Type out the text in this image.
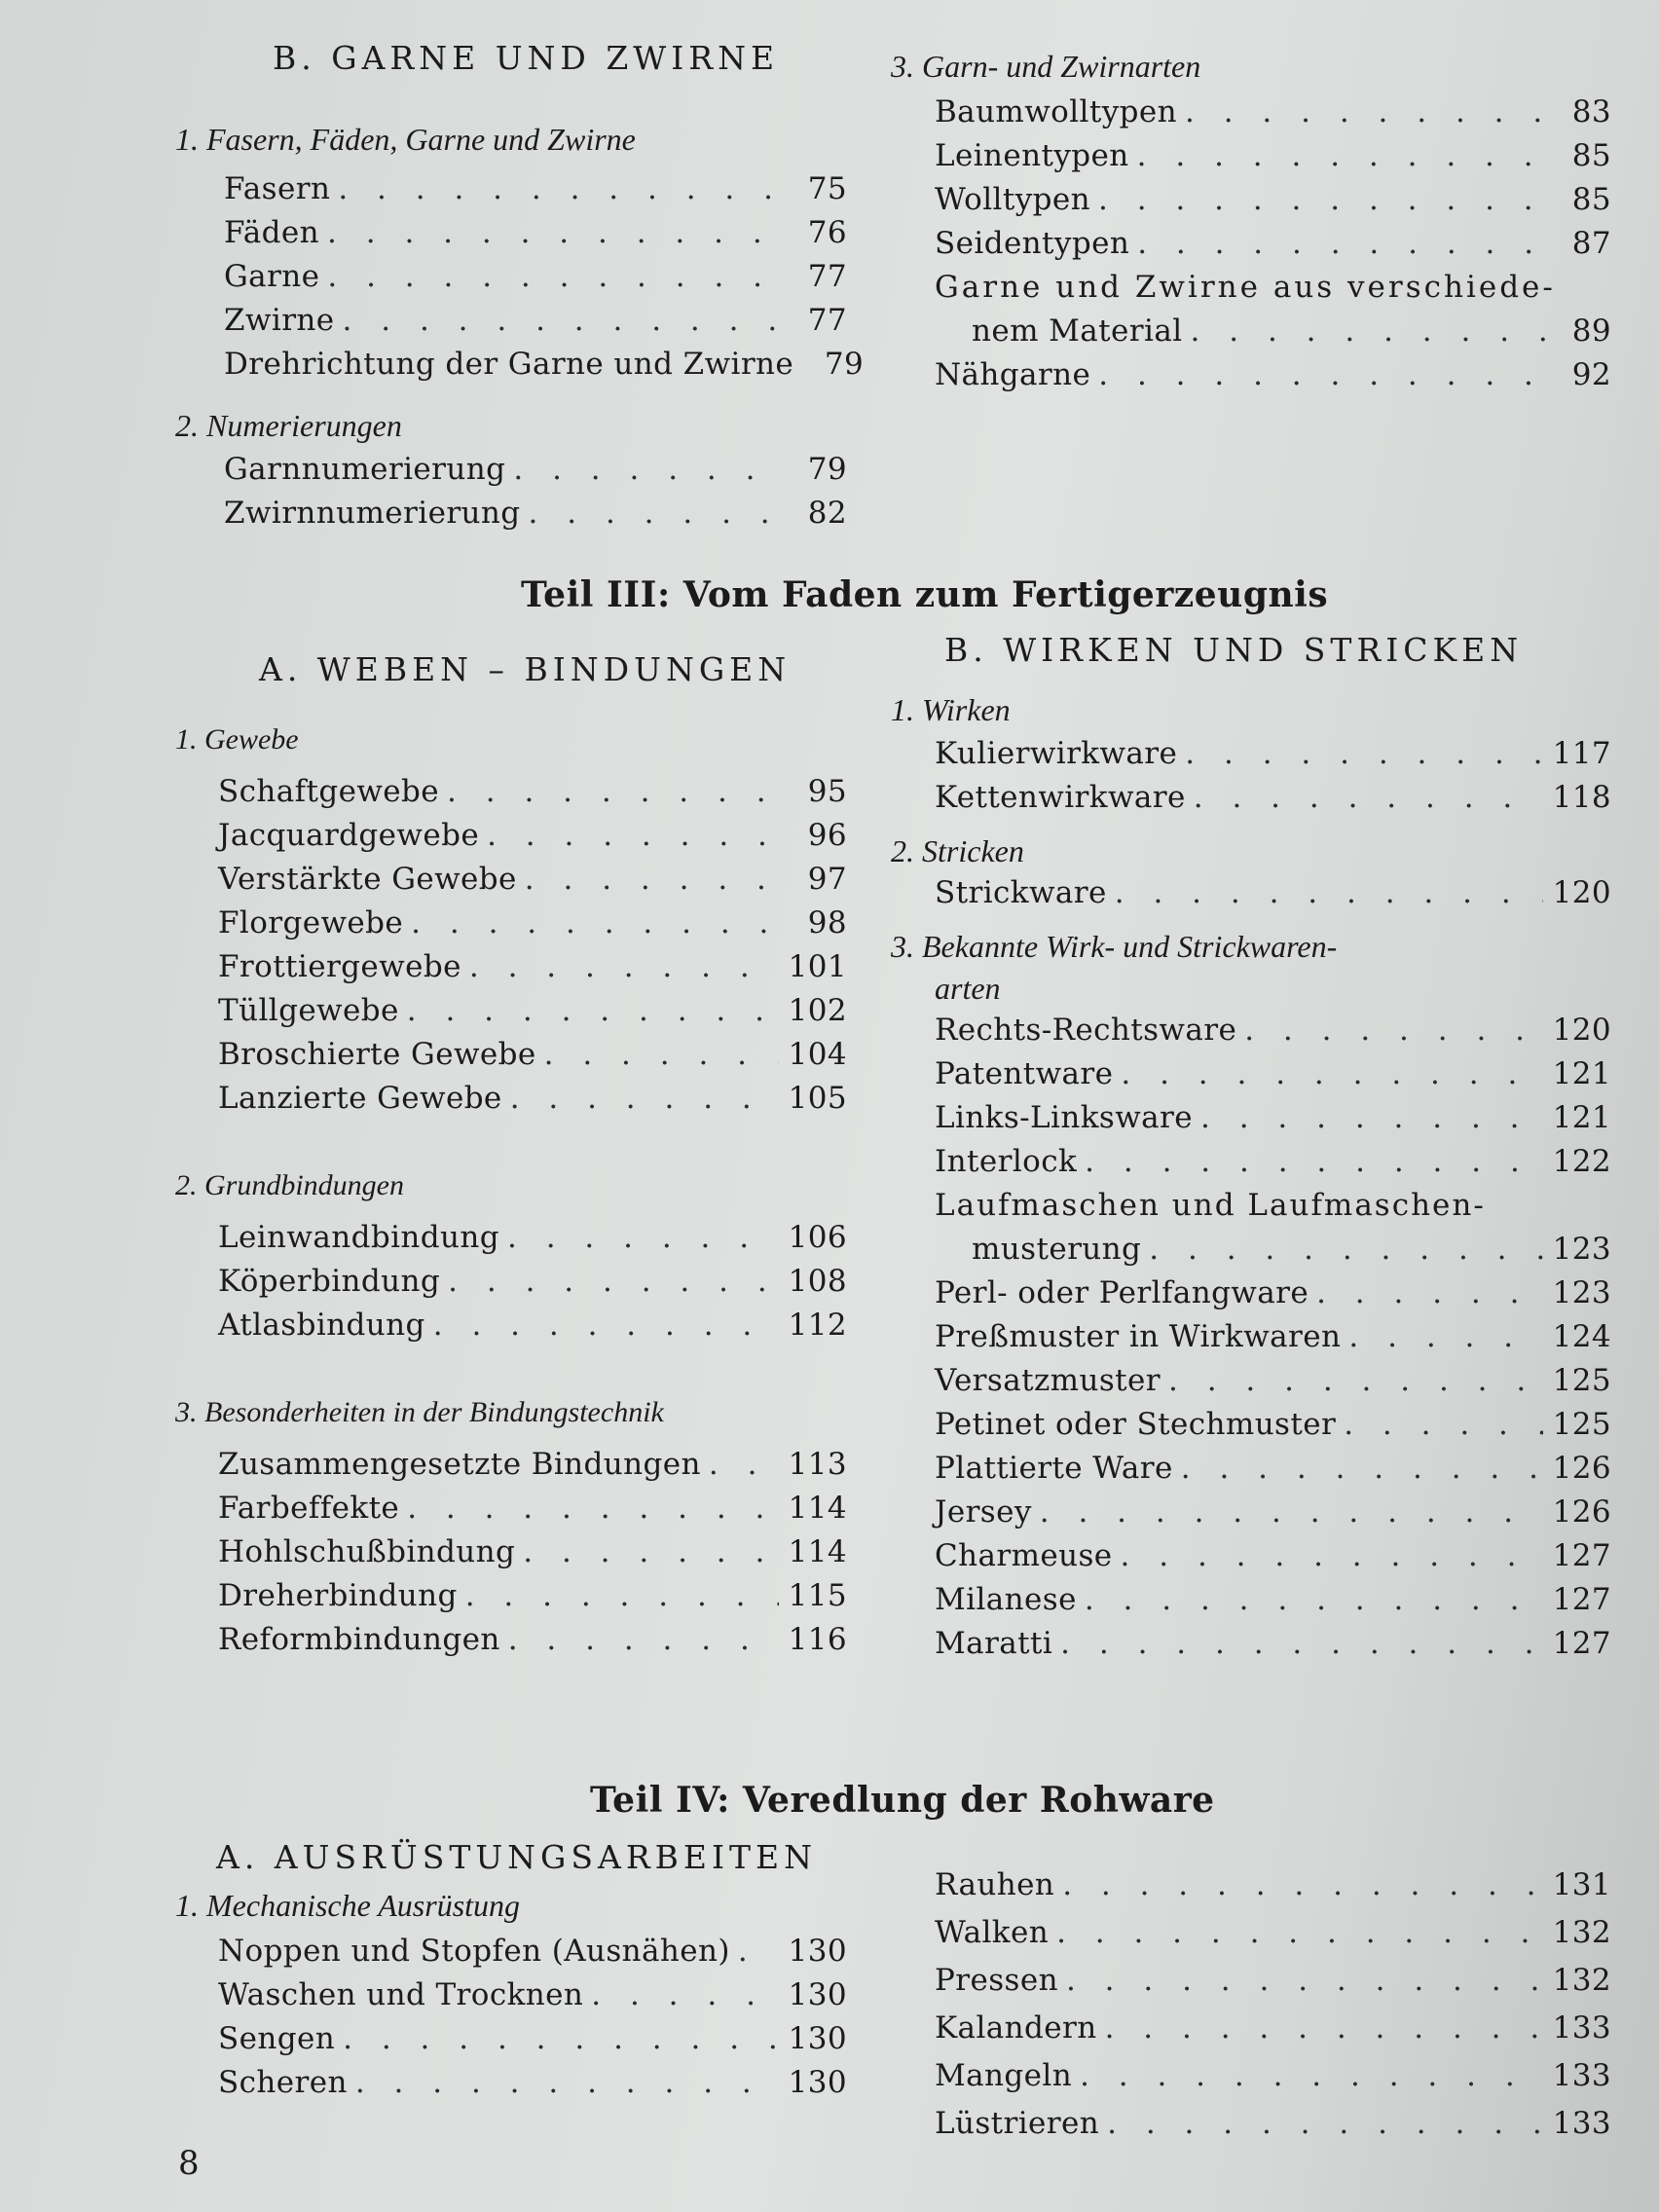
B. GARNE UND ZWIRNE

1. Fasern, Fäden, Garne und Zwirne

Fasern . . .	75
Fäden . . .	76
Garne . . .	77
Zwirne . . .	77
Drehrichtung der Garne und Zwirne	79

2. Numerierungen

Garnnumerierung . . .	79
Zwirnnumerierung . . .	82

3. Garn- und Zwirnarten

Baumwolltypen . . .	83
Leinentypen . . .	85
Wolltypen . . .	85
Seidentypen . . .	87
Garne und Zwirne aus verschiede-
nem Material . . .	89
Nähgarne . . .	92
Teil III: Vom Faden zum Fertigerzeugnis

A. WEBEN – BINDUNGEN

1. Gewebe

Schaftgewebe . . .	95
Jacquardgewebe . . .	96
Verstärkte Gewebe . . .	97
Florgewebe . . .	98
Frottiergewebe . . .	101
Tüllgewebe . . .	102
Broschierte Gewebe . . .	104
Lanzierte Gewebe . . .	105

2. Grundbindungen

Leinwandbindung . . .	106
Köperbindung . . .	108
Atlasbindung . . .	112

3. Besonderheiten in der Bindungstechnik

Zusammengesetzte Bindungen . . .	113
Farbeffekte . . .	114
Hohlschußbindung . . .	114
Dreherbindung . . .	115
Reformbindungen . . .	116

B. WIRKEN UND STRICKEN

1. Wirken

Kulierwirkware . . .	117
Kettenwirkware . . .	118

2. Stricken

Strickware . . .	120

3. Bekannte Wirk- und Strickwaren-

arten

Rechts-Rechtsware . . .	120
Patentware . . .	121
Links-Linksware . . .	121
Interlock . . .	122
Laufmaschen und Laufmaschen-
musterung . . .	123
Perl- oder Perlfangware . . .	123
Preßmuster in Wirkwaren . . .	124
Versatzmuster . . .	125
Petinet oder Stechmuster . . .	125
Plattierte Ware . . .	126
Jersey . . .	126
Charmeuse . . .	127
Milanese . . .	127
Maratti . . .	127
Teil IV: Veredlung der Rohware

A. AUSRÜSTUNGSARBEITEN

1. Mechanische Ausrüstung

Noppen und Stopfen (Ausnähen) . . . 130
Waschen und Trocknen . . .	130
Sengen . . .	130
Scheren . . .	130
Rauhen . . .	131
Walken . . .	132
Pressen . . .	132
Kalandern . . .	133
Mangeln . . .	133
Lüstrieren . . .	133
8
